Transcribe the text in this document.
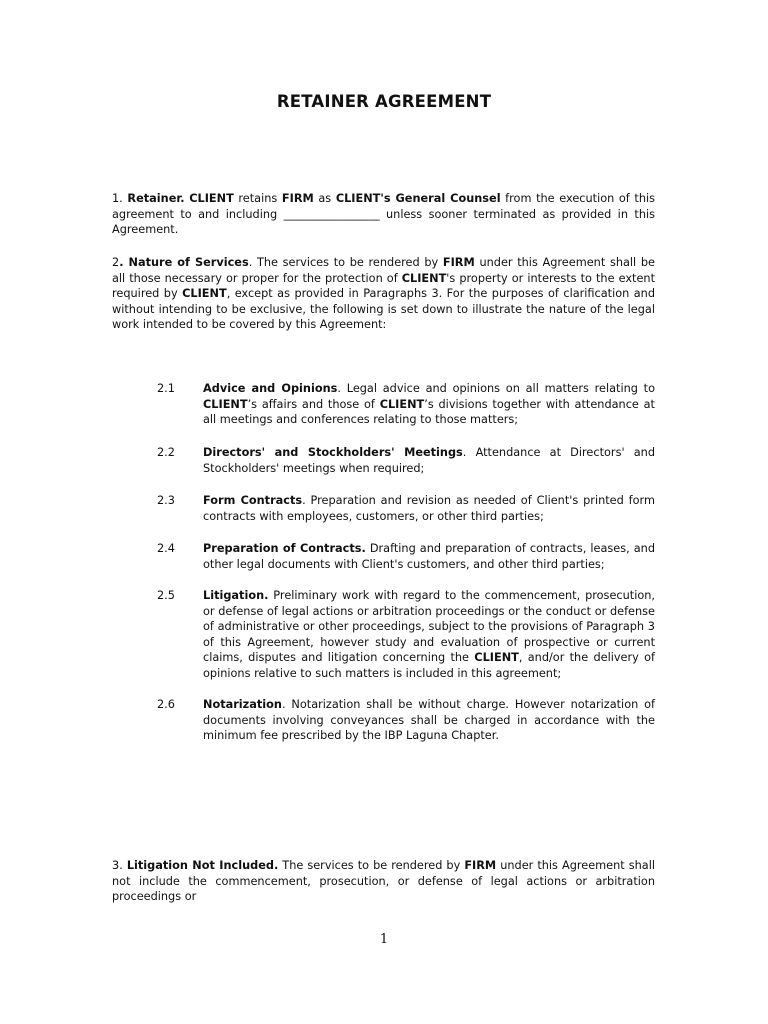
RETAINER AGREEMENT
1. Retainer. CLIENT retains FIRM as CLIENT's General Counsel from the execution of this agreement to and including _________________ unless sooner terminated as provided in this Agreement.
2. Nature of Services. The services to be rendered by FIRM under this Agreement shall be all those necessary or proper for the protection of CLIENT's property or interests to the extent required by CLIENT, except as provided in Paragraphs 3. For the purposes of clarification and without intending to be exclusive, the following is set down to illustrate the nature of the legal work intended to be covered by this Agreement:
2.1	Advice and Opinions. Legal advice and opinions on all matters relating to CLIENT’s affairs and those of CLIENT’s divisions together with attendance at all meetings and conferences relating to those matters;
2.2	Directors' and Stockholders' Meetings. Attendance at Directors' and Stockholders' meetings when required;
2.3	Form Contracts. Preparation and revision as needed of Client's printed form contracts with employees, customers, or other third parties;
2.4	Preparation of Contracts. Drafting and preparation of contracts, leases, and other legal documents with Client's customers, and other third parties;
2.5	Litigation. Preliminary work with regard to the commencement, prosecution, or defense of legal actions or arbitration proceedings or the conduct or defense of administrative or other proceedings, subject to the provisions of Paragraph 3 of this Agreement, however study and evaluation of prospective or current claims, disputes and litigation concerning the CLIENT, and/or the delivery of opinions relative to such matters is included in this agreement;
2.6	Notarization. Notarization shall be without charge. However notarization of documents involving conveyances shall be charged in accordance with the minimum fee prescribed by the IBP Laguna Chapter.
3. Litigation Not Included. The services to be rendered by FIRM under this Agreement shall not include the commencement, prosecution, or defense of legal actions or arbitration proceedings or
1
